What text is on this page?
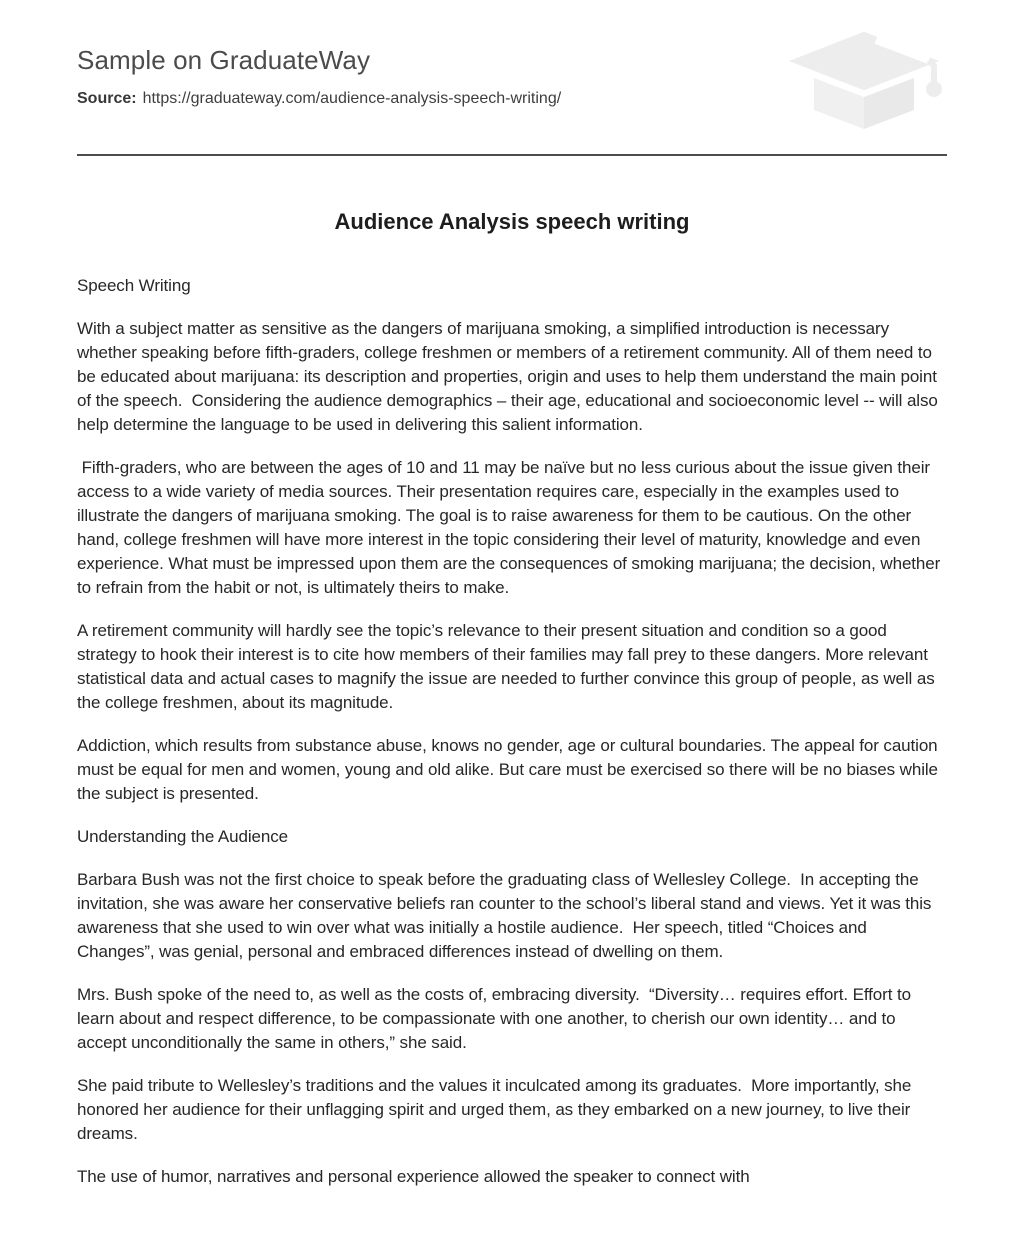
Sample on GraduateWay
Source: https://graduateway.com/audience-analysis-speech-writing/
Audience Analysis speech writing

Speech Writing

With a subject matter as sensitive as the dangers of marijuana smoking, a simplified introduction is necessary whether speaking before fifth-graders, college freshmen or members of a retirement community. All of them need to be educated about marijuana: its description and properties, origin and uses to help them understand the main point of the speech.  Considering the audience demographics – their age, educational and socioeconomic level -- will also help determine the language to be used in delivering this salient information.

Fifth-graders, who are between the ages of 10 and 11 may be naïve but no less curious about the issue given their access to a wide variety of media sources. Their presentation requires care, especially in the examples used to illustrate the dangers of marijuana smoking. The goal is to raise awareness for them to be cautious. On the other hand, college freshmen will have more interest in the topic considering their level of maturity, knowledge and even experience. What must be impressed upon them are the consequences of smoking marijuana; the decision, whether to refrain from the habit or not, is ultimately theirs to make.

A retirement community will hardly see the topic’s relevance to their present situation and condition so a good strategy to hook their interest is to cite how members of their families may fall prey to these dangers. More relevant statistical data and actual cases to magnify the issue are needed to further convince this group of people, as well as the college freshmen, about its magnitude.

Addiction, which results from substance abuse, knows no gender, age or cultural boundaries. The appeal for caution must be equal for men and women, young and old alike. But care must be exercised so there will be no biases while the subject is presented.

Understanding the Audience

Barbara Bush was not the first choice to speak before the graduating class of Wellesley College.  In accepting the invitation, she was aware her conservative beliefs ran counter to the school’s liberal stand and views. Yet it was this awareness that she used to win over what was initially a hostile audience.  Her speech, titled “Choices and Changes”, was genial, personal and embraced differences instead of dwelling on them.

Mrs. Bush spoke of the need to, as well as the costs of, embracing diversity.  “Diversity… requires effort. Effort to learn about and respect difference, to be compassionate with one another, to cherish our own identity… and to accept unconditionally the same in others,” she said.

She paid tribute to Wellesley’s traditions and the values it inculcated among its graduates.  More importantly, she honored her audience for their unflagging spirit and urged them, as they embarked on a new journey, to live their dreams.

The use of humor, narratives and personal experience allowed the speaker to connect with
